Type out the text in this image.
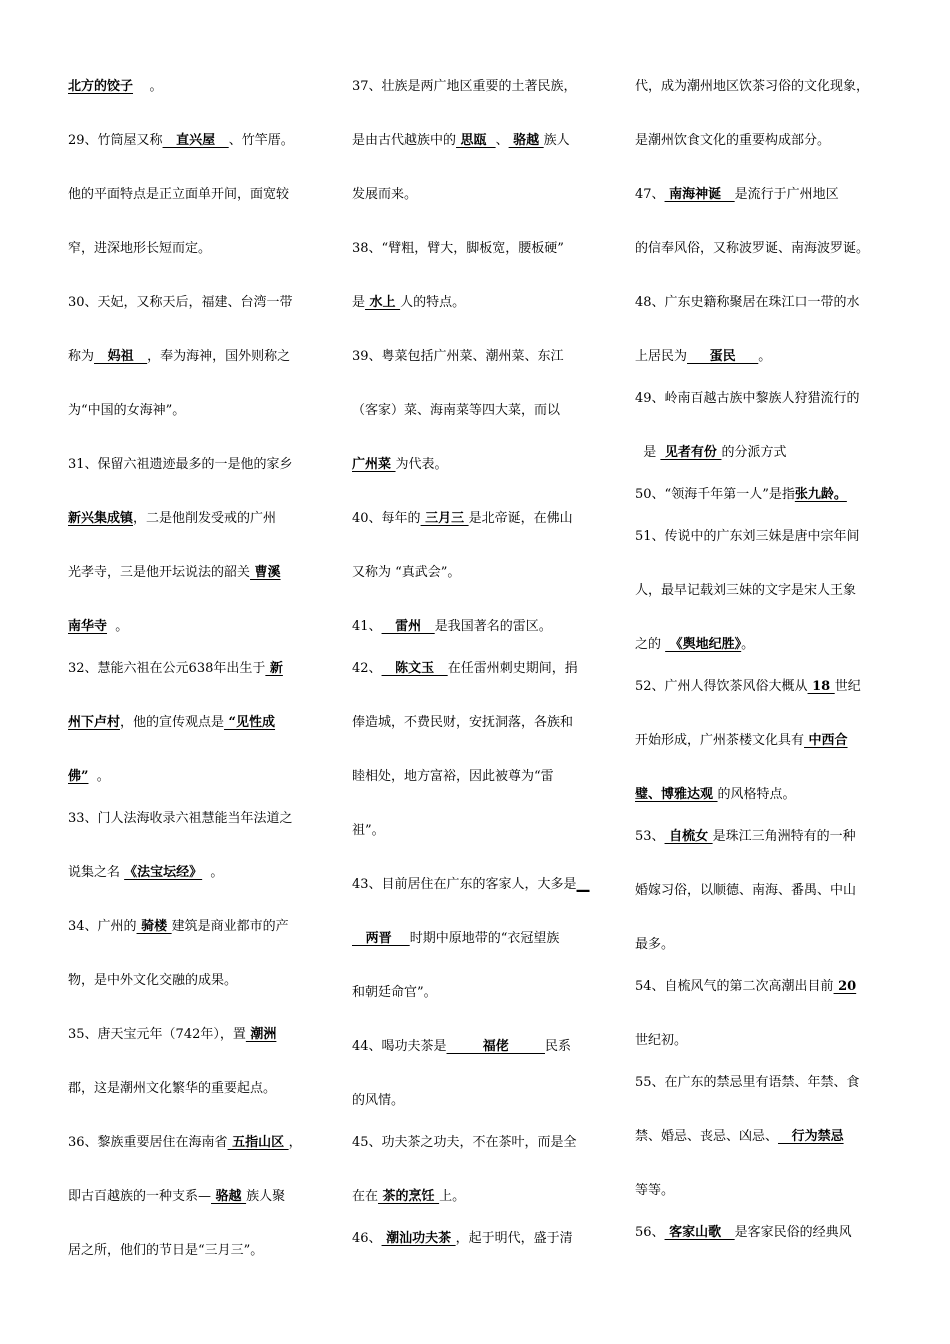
北方的饺子    。
29、竹筒屋又称   直兴屋   、竹竿厝。
他的平面特点是正立面单开间，面宽较
窄，进深地形长短而定。
30、天妃，又称天后，福建、台湾一带
称为   妈祖   ，奉为海神，国外则称之
为“中国的女海神”。
31、保留六祖遗迹最多的一是他的家乡
新兴集成镇，二是他削发受戒的广州
光孝寺，三是他开坛说法的韶关 曹溪
南华寺  。
32、慧能六祖在公元638年出生于 新
州下卢村，他的宣传观点是 “见性成
佛”  。
33、门人法海收录六祖慧能当年法道之
说集之名 《法宝坛经》  。
34、广州的 骑楼 建筑是商业都市的产
物，是中外文化交融的成果。
35、唐天宝元年（742年），置 潮洲
郡，这是潮州文化繁华的重要起点。
36、黎族重要居住在海南省 五指山区 ，
即古百越族的一种支系— 骆越 族人聚
居之所，他们的节日是“三月三”。
37、壮族是两广地区重要的土著民族，
是由古代越族中的 思瓯  、 骆越 族人
发展而来。
38、“臂粗，臂大，脚板宽，腰板硬”
是 水上 人的特点。
39、粤菜包括广州菜、潮州菜、东江
（客家）菜、海南菜等四大菜，而以
广州菜 为代表。
40、每年的 三月三 是北帝诞，在佛山
又称为 “真武会”。
41、   雷州   是我国著名的雷区。
42、   陈文玉   在任雷州刺史期间，捐
俸造城，不费民财，安抚洞落，各族和
睦相处，地方富裕，因此被尊为“雷
祖”。
43、目前居住在广东的客家人，大多是__
两晋    时期中原地带的“衣冠望族
和朝廷命官”。
44、喝功夫茶是        福佬        民系
的风情。
45、功夫茶之功夫，不在茶叶，而是全
在在 茶的烹饪 上。
46、 潮汕功夫茶 ，起于明代，盛于清
代，成为潮州地区饮茶习俗的文化现象，
是潮州饮食文化的重要构成部分。
47、 南海神诞   是流行于广州地区
的信奉风俗，又称波罗诞、南海波罗诞。
48、广东史籍称聚居在珠江口一带的水
上居民为     蛋民     。
49、岭南百越古族中黎族人狩猎流行的
是  见者有份 的分派方式
50、“领海千年第一人”是指张九龄。
51、传说中的广东刘三妹是唐中宗年间
人，最早记载刘三妹的文字是宋人王象
之的  《舆地纪胜》。
52、广州人得饮茶风俗大概从 18 世纪
开始形成，广州茶楼文化具有 中西合
璧、博雅达观 的风格特点。
53、 自梳女 是珠江三角洲特有的一种
婚嫁习俗，以顺德、南海、番禺、中山
最多。
54、自梳风气的第二次高潮出目前 20
世纪初。
55、在广东的禁忌里有语禁、年禁、食
禁、婚忌、丧忌、凶忌、   行为禁忌
等等。
56、 客家山歌   是客家民俗的经典风
